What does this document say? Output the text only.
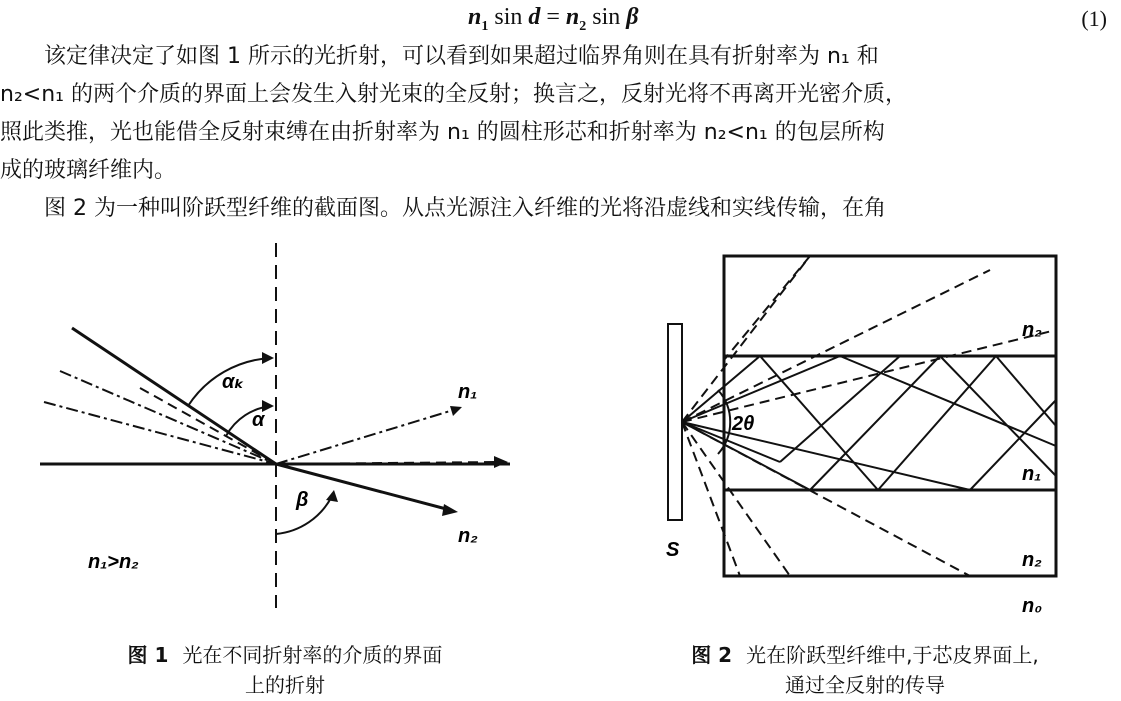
$n_1$ $\sin d = n_2$ sin β	(1)
该定律决定了如图 1 所示的光折射，可以看到如果超过临界角则在具有折射率为 n₁ 和
n₂<n₁ 的两个介质的界面上会发生入射光束的全反射；换言之，反射光将不再离开光密介质，
照此类推，光也能借全反射束缚在由折射率为 n₁ 的圆柱形芯和折射率为 n₂<n₁ 的包层所构
成的玻璃纤维内。
图 2 为一种叫阶跃型纤维的截面图。从点光源注入纤维的光将沿虚线和实线传输，在角
αₖ
α
β
n₁
n₂
n₁>n₂
S
2θ
n₂
n₁
n₂
n₀
图 1 光在不同折射率的介质的界面
上的折射
图 2 光在阶跃型纤维中,于芯皮界面上,
通过全反射的传导
